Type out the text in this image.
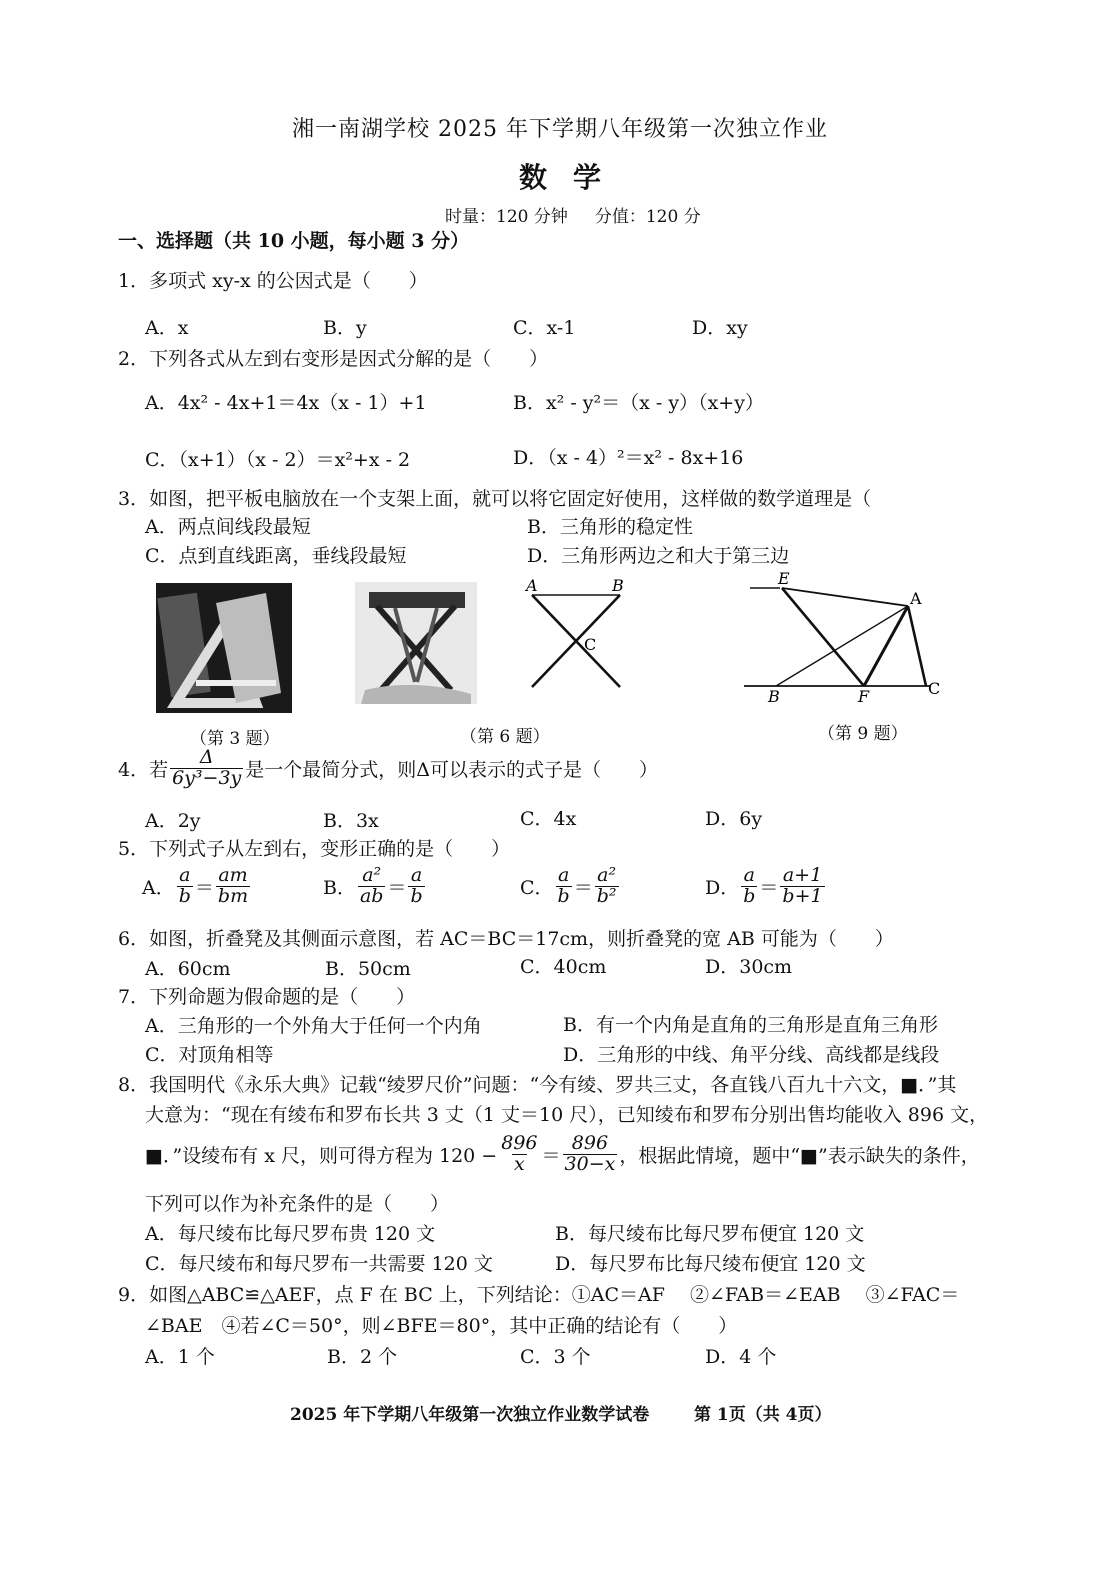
湘一南湖学校 2025 年下学期八年级第一次独立作业
数学
时量：120 分钟     分值：120 分
一、选择题（共 10 小题，每小题 3 分）
1．多项式 xy-x 的公因式是（　　）
A．x	B．y	C．x-1	D．xy
2．下列各式从左到右变形是因式分解的是（　　）
A．4x² - 4x+1＝4x（x - 1）+1	B．x² - y²＝（x - y）（x+y）
C．（x+1）（x - 2）＝x²+x - 2	D．（x - 4）²＝x² - 8x+16
3．如图，把平板电脑放在一个支架上面，就可以将它固定好使用，这样做的数学道理是（
A．两点间线段最短	B．三角形的稳定性
C．点到直线距离，垂线段最短	D．三角形两边之和大于第三边
（第 3 题）	（第 6 题）
A	B
C
E
A
B	F	C
（第 9 题）
4．若 $\frac{\Delta}{\text{6y³−3y}}$ 是一个最简分式，则Δ可以表示的式子是（　　）
A．2y	B．3x	C．4x	D．6y
5．下列式子从左到右，变形正确的是（　　）
A． $\frac{a}{b} = \frac{am}{bm}$	B． $\frac{\text{a²}}{ab} = \frac{a}{b}$	C． $\frac{a}{b} = \frac{\text{a²}}{\text{b²}}$	D． $\frac{a}{b} = \frac{a+1}{b+1}$
6．如图，折叠凳及其侧面示意图，若 AC＝BC＝17cm，则折叠凳的宽 AB 可能为（　　）
A．60cm	B．50cm	C．40cm	D．30cm
7．下列命题为假命题的是（　　）
A．三角形的一个外角大于任何一个内角	B．有一个内角是直角的三角形是直角三角形
C．对顶角相等	D．三角形的中线、角平分线、高线都是线段
8．我国明代《永乐大典》记载“绫罗尺价”问题：“今有绫、罗共三丈，各直钱八百九十六文，■．”其
大意为：“现在有绫布和罗布长共 3 丈（1 丈＝10 尺），已知绫布和罗布分别出售均能收入 896 文，
■．”设绫布有 x 尺，则可得方程为 $120 - \frac{896}{x} = \frac{896}{30-x}$ ，根据此情境，题中“■”表示缺失的条件，
下列可以作为补充条件的是（　　）
A．每尺绫布比每尺罗布贵 120 文	B．每尺绫布比每尺罗布便宜 120 文
C．每尺绫布和每尺罗布一共需要 120 文	D．每尺罗布比每尺绫布便宜 120 文
9．如图△ABC≌△AEF，点 F 在 BC 上，下列结论：①AC＝AF　 ②∠FAB＝∠EAB　 ③∠FAC＝
∠BAE　④若∠C＝50°，则∠BFE＝80°，其中正确的结论有（　　）
A．1 个	B．2 个	C．3 个	D．4 个
2025 年下学期八年级第一次独立作业数学试卷	第 1页（共 4页）
